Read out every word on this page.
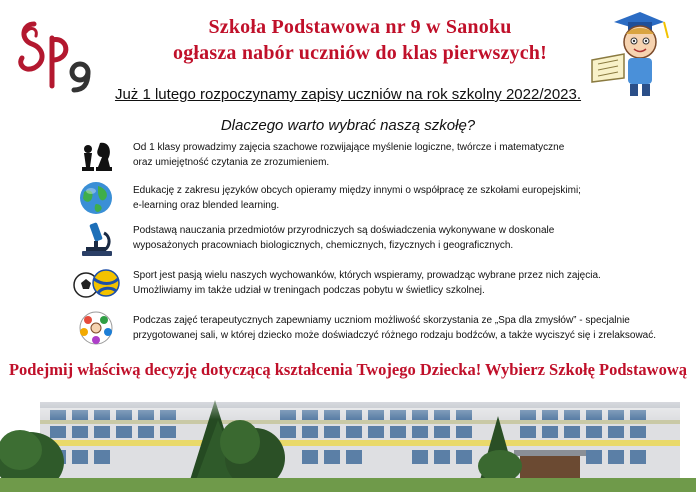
Szkoła Podstawowa nr 9 w Sanoku
ogłasza nabór uczniów do klas pierwszych!
Już 1 lutego rozpoczynamy zapisy uczniów na rok szkolny 2022/2023.
Dlaczego warto wybrać naszą szkołę?
Od 1 klasy prowadzimy zajęcia szachowe rozwijające myślenie logiczne, twórcze i matematyczne
oraz umiejętność czytania ze zrozumieniem.
Edukację z zakresu języków obcych opieramy między innymi o współpracę ze szkołami europejskimi;
e-learning oraz blended learning.
Podstawą nauczania przedmiotów przyrodniczych są doświadczenia wykonywane w doskonale
wyposażonych pracowniach biologicznych, chemicznych, fizycznych i geograficznych.
Sport jest pasją wielu naszych wychowanków, których wspieramy, prowadząc wybrane przez nich zajęcia.
Umożliwiamy im także udział w treningach podczas pobytu w świetlicy szkolnej.
Podczas zajęć terapeutycznych zapewniamy uczniom możliwość skorzystania ze „Spa dla zmysłów” - specjalnie
przygotowanej sali, w której dziecko może doświadczyć różnego rodzaju bodźców, a także wyciszyć się i zrelaksować.
Podejmij właściwą decyzję dotyczącą kształcenia Twojego Dziecka! Wybierz Szkołę Podstawową
